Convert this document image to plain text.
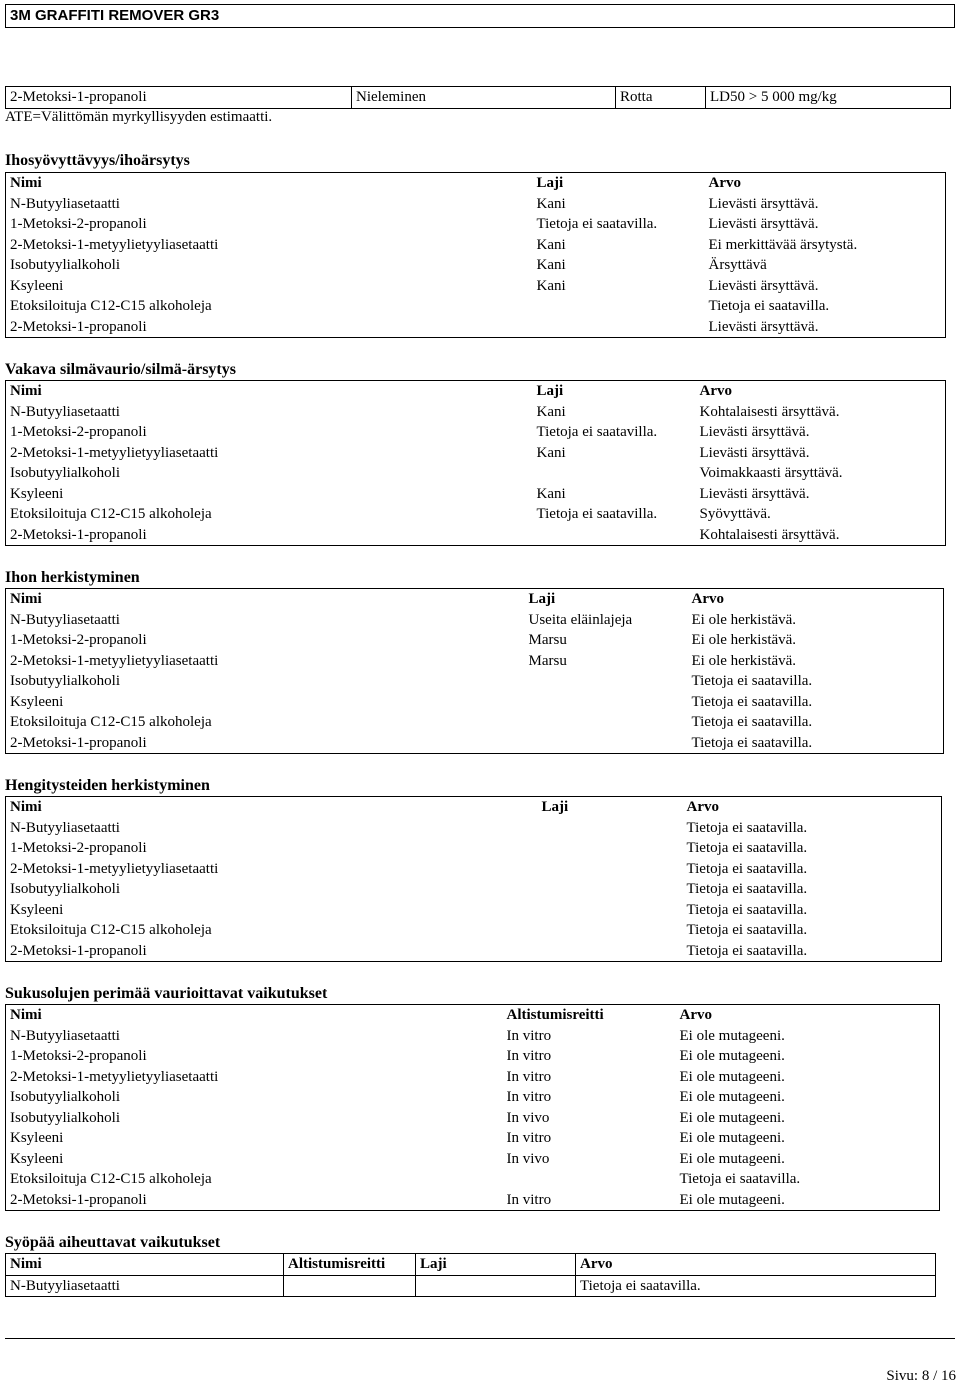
3M GRAFFITI REMOVER GR3
2-Metoksi-1-propanoli	Nieleminen	Rotta	LD50 > 5 000 mg/kg
ATE=Välittömän myrkyllisyyden estimaatti.
Ihosyövyttävyys/ihoärsytys
Nimi	Laji	Arvo
N-Butyyliasetaatti	Kani	Lievästi ärsyttävä.
1-Metoksi-2-propanoli	Tietoja ei saatavilla.	Lievästi ärsyttävä.
2-Metoksi-1-metyylietyyliasetaatti	Kani	Ei merkittävää ärsytystä.
Isobutyylialkoholi	Kani	Ärsyttävä
Ksyleeni	Kani	Lievästi ärsyttävä.
Etoksiloituja C12-C15 alkoholeja		Tietoja ei saatavilla.
2-Metoksi-1-propanoli		Lievästi ärsyttävä.
Vakava silmävaurio/silmä-ärsytys
Nimi	Laji	Arvo
N-Butyyliasetaatti	Kani	Kohtalaisesti ärsyttävä.
1-Metoksi-2-propanoli	Tietoja ei saatavilla.	Lievästi ärsyttävä.
2-Metoksi-1-metyylietyyliasetaatti	Kani	Lievästi ärsyttävä.
Isobutyylialkoholi		Voimakkaasti ärsyttävä.
Ksyleeni	Kani	Lievästi ärsyttävä.
Etoksiloituja C12-C15 alkoholeja	Tietoja ei saatavilla.	Syövyttävä.
2-Metoksi-1-propanoli		Kohtalaisesti ärsyttävä.
Ihon herkistyminen
Nimi	Laji	Arvo
N-Butyyliasetaatti	Useita eläinlajeja	Ei ole herkistävä.
1-Metoksi-2-propanoli	Marsu	Ei ole herkistävä.
2-Metoksi-1-metyylietyyliasetaatti	Marsu	Ei ole herkistävä.
Isobutyylialkoholi		Tietoja ei saatavilla.
Ksyleeni		Tietoja ei saatavilla.
Etoksiloituja C12-C15 alkoholeja		Tietoja ei saatavilla.
2-Metoksi-1-propanoli		Tietoja ei saatavilla.
Hengitysteiden herkistyminen
Nimi	Laji	Arvo
N-Butyyliasetaatti		Tietoja ei saatavilla.
1-Metoksi-2-propanoli		Tietoja ei saatavilla.
2-Metoksi-1-metyylietyyliasetaatti		Tietoja ei saatavilla.
Isobutyylialkoholi		Tietoja ei saatavilla.
Ksyleeni		Tietoja ei saatavilla.
Etoksiloituja C12-C15 alkoholeja		Tietoja ei saatavilla.
2-Metoksi-1-propanoli		Tietoja ei saatavilla.
Sukusolujen perimää vaurioittavat vaikutukset
Nimi	Altistumisreitti	Arvo
N-Butyyliasetaatti	In vitro	Ei ole mutageeni.
1-Metoksi-2-propanoli	In vitro	Ei ole mutageeni.
2-Metoksi-1-metyylietyyliasetaatti	In vitro	Ei ole mutageeni.
Isobutyylialkoholi	In vitro	Ei ole mutageeni.
Isobutyylialkoholi	In vivo	Ei ole mutageeni.
Ksyleeni	In vitro	Ei ole mutageeni.
Ksyleeni	In vivo	Ei ole mutageeni.
Etoksiloituja C12-C15 alkoholeja		Tietoja ei saatavilla.
2-Metoksi-1-propanoli	In vitro	Ei ole mutageeni.
Syöpää aiheuttavat vaikutukset
Nimi	Altistumisreitti	Laji	Arvo
N-Butyyliasetaatti			Tietoja ei saatavilla.
Sivu: 8 / 16
